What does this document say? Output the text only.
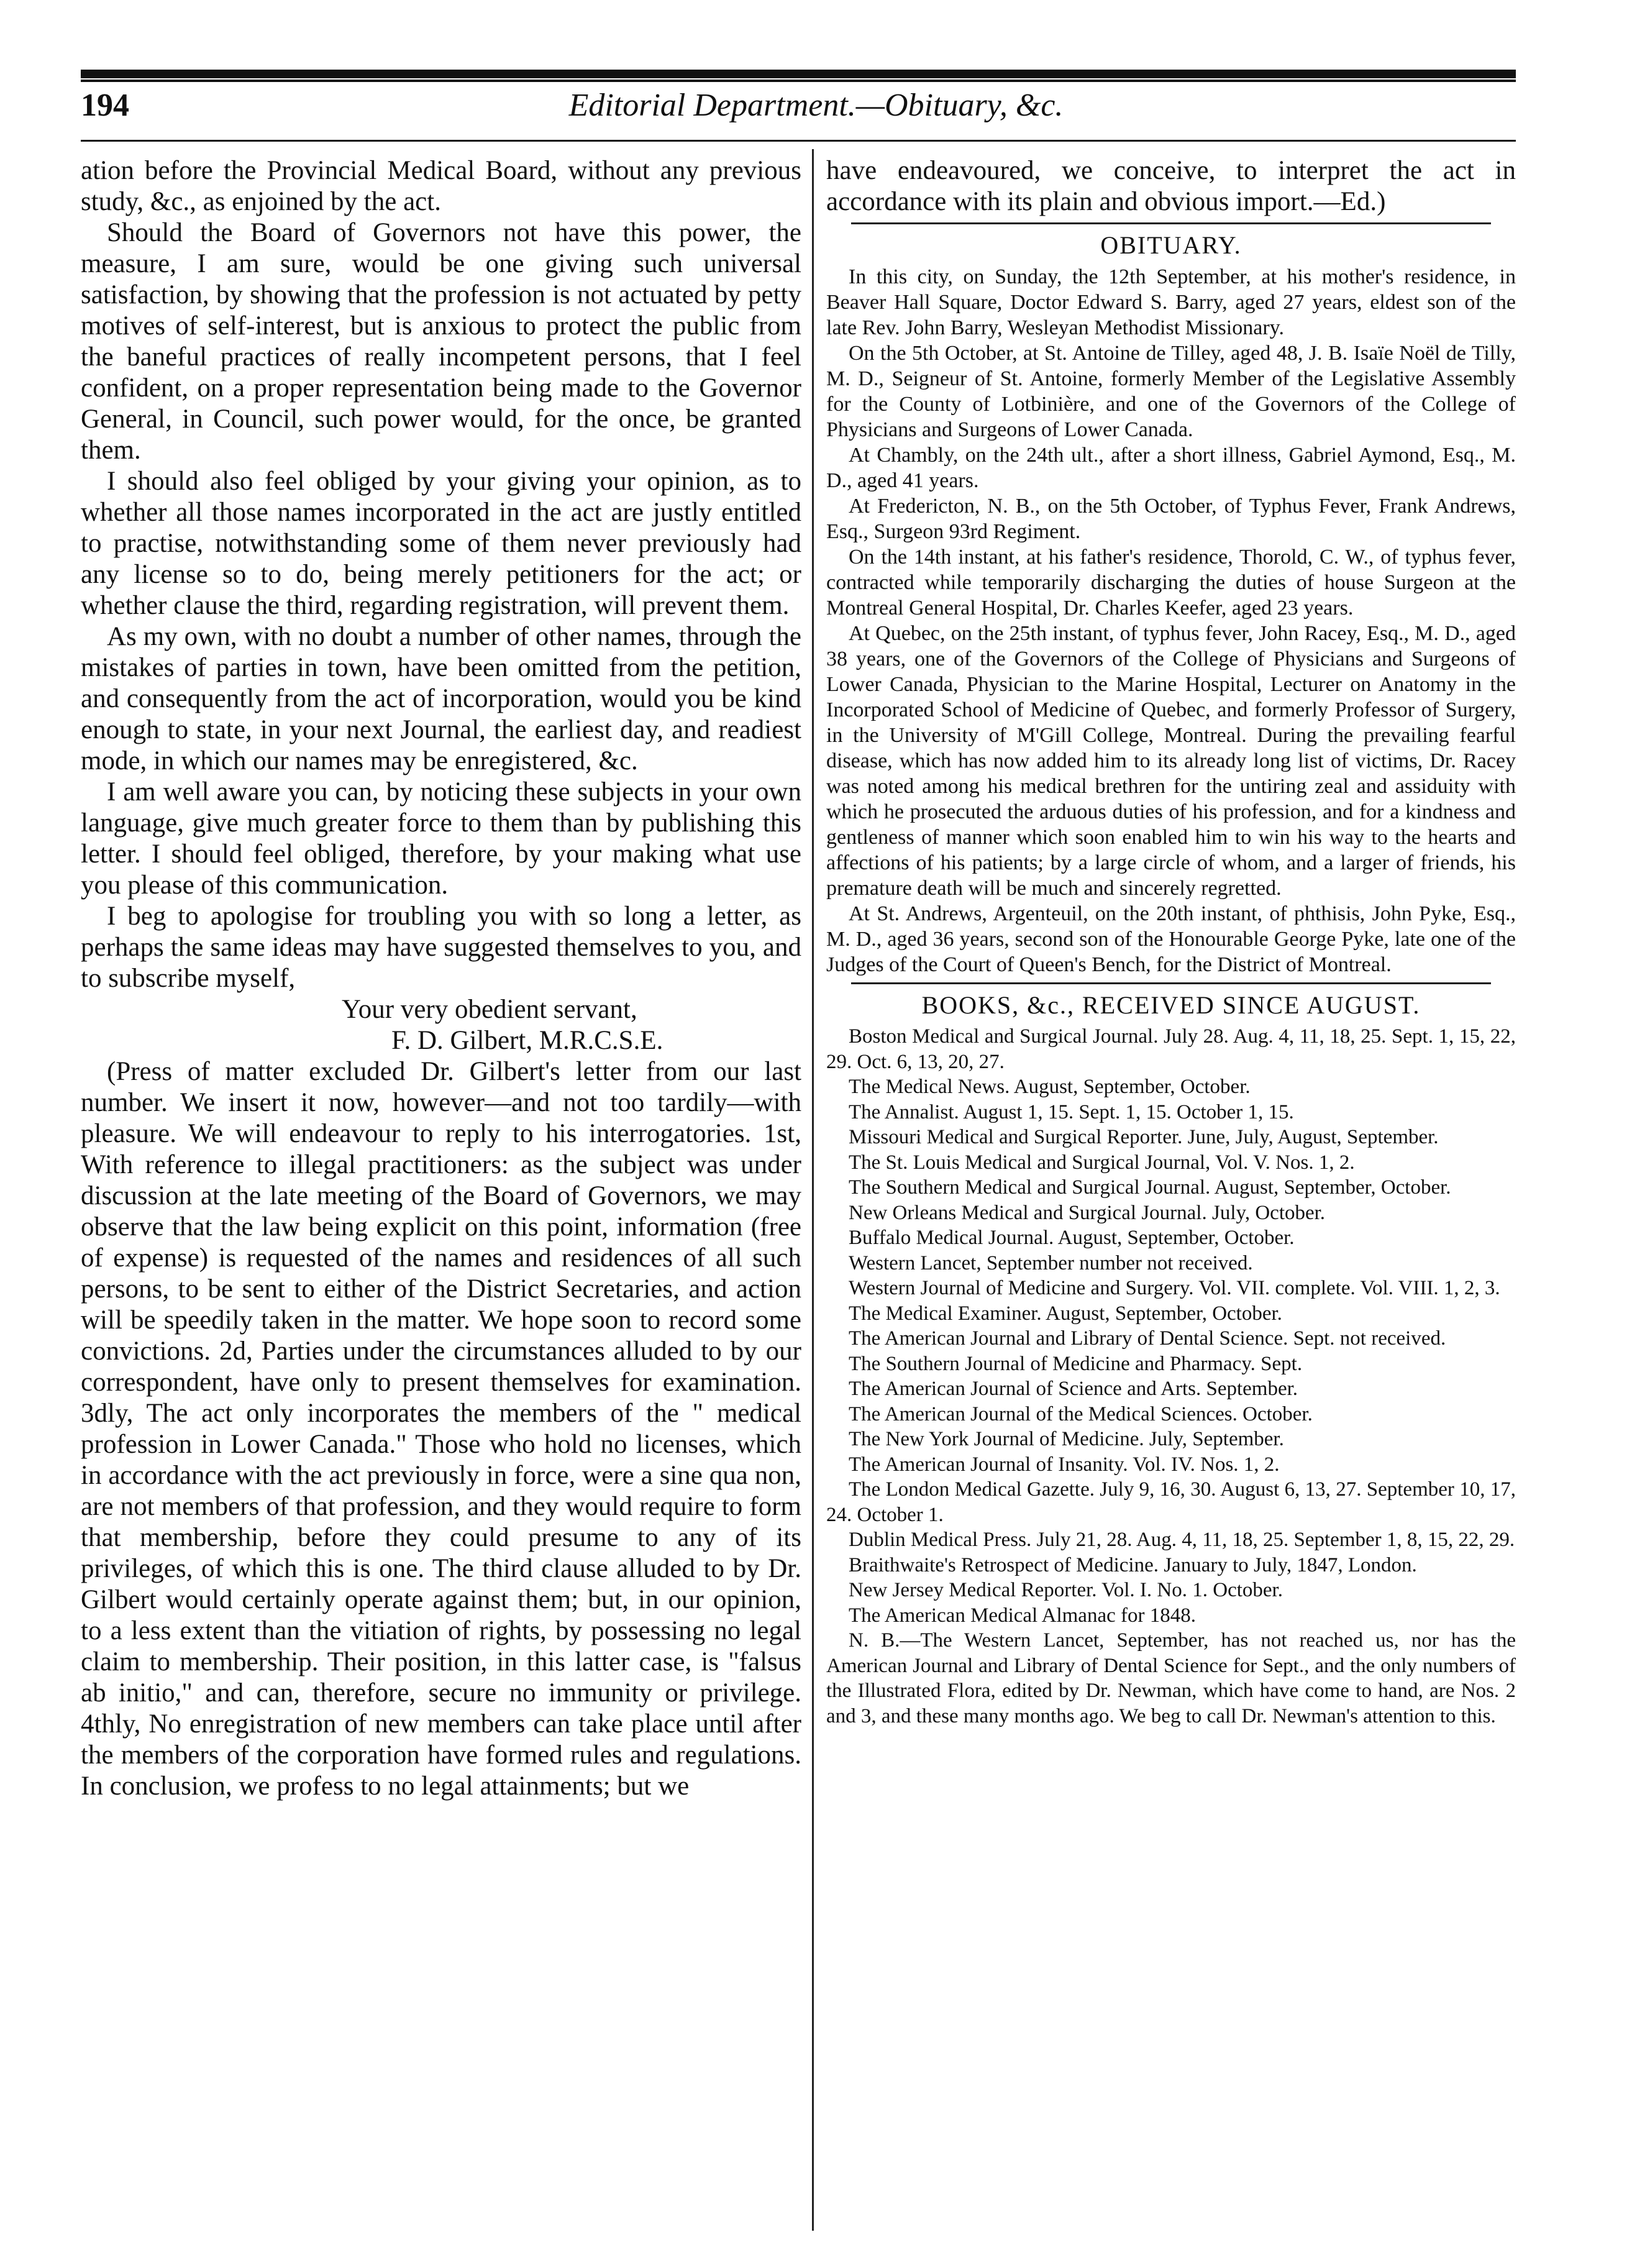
194	Editorial Department.—Obituary, &c.

ation before the Provincial Medical Board, without any previous study, &c., as enjoined by the act.

Should the Board of Governors not have this power, the measure, I am sure, would be one giving such universal satisfaction, by showing that the profession is not actuated by petty motives of self-interest, but is anxious to protect the public from the baneful practices of really incompetent persons, that I feel confident, on a proper representation being made to the Governor General, in Council, such power would, for the once, be granted them.

I should also feel obliged by your giving your opinion, as to whether all those names incorporated in the act are justly entitled to practise, notwithstanding some of them never previously had any license so to do, being merely petitioners for the act; or whether clause the third, regarding registration, will prevent them.

As my own, with no doubt a number of other names, through the mistakes of parties in town, have been omitted from the petition, and consequently from the act of incorporation, would you be kind enough to state, in your next Journal, the earliest day, and readiest mode, in which our names may be enregistered, &c.

I am well aware you can, by noticing these subjects in your own language, give much greater force to them than by publishing this letter. I should feel obliged, therefore, by your making what use you please of this communication.

I beg to apologise for troubling you with so long a letter, as perhaps the same ideas may have suggested themselves to you, and to subscribe myself,

Your very obedient servant,

F. D. Gilbert, M.R.C.S.E.

(Press of matter excluded Dr. Gilbert's letter from our last number. We insert it now, however—and not too tardily—with pleasure. We will endeavour to reply to his interrogatories. 1st, With reference to illegal practitioners: as the subject was under discussion at the late meeting of the Board of Governors, we may observe that the law being explicit on this point, information (free of expense) is requested of the names and residences of all such persons, to be sent to either of the District Secretaries, and action will be speedily taken in the matter. We hope soon to record some convictions. 2d, Parties under the circumstances alluded to by our correspondent, have only to present themselves for examination. 3dly, The act only incorporates the members of the " medical profession in Lower Canada." Those who hold no licenses, which in accordance with the act previously in force, were a sine qua non, are not members of that profession, and they would require to form that membership, before they could presume to any of its privileges, of which this is one. The third clause alluded to by Dr. Gilbert would certainly operate against them; but, in our opinion, to a less extent than the vitiation of rights, by possessing no legal claim to membership. Their position, in this latter case, is "falsus ab initio," and can, therefore, secure no immunity or privilege. 4thly, No enregistration of new members can take place until after the members of the corporation have formed rules and regulations. In conclusion, we profess to no legal attainments; but we

have endeavoured, we conceive, to interpret the act in accordance with its plain and obvious import.—Ed.)

OBITUARY.
In this city, on Sunday, the 12th September, at his mother's residence, in Beaver Hall Square, Doctor Edward S. Barry, aged 27 years, eldest son of the late Rev. John Barry, Wesleyan Methodist Missionary.
On the 5th October, at St. Antoine de Tilley, aged 48, J. B. Isaïe Noël de Tilly, M. D., Seigneur of St. Antoine, formerly Member of the Legislative Assembly for the County of Lotbinière, and one of the Governors of the College of Physicians and Surgeons of Lower Canada.
At Chambly, on the 24th ult., after a short illness, Gabriel Aymond, Esq., M. D., aged 41 years.
At Fredericton, N. B., on the 5th October, of Typhus Fever, Frank Andrews, Esq., Surgeon 93rd Regiment.
On the 14th instant, at his father's residence, Thorold, C. W., of typhus fever, contracted while temporarily discharging the duties of house Surgeon at the Montreal General Hospital, Dr. Charles Keefer, aged 23 years.
At Quebec, on the 25th instant, of typhus fever, John Racey, Esq., M. D., aged 38 years, one of the Governors of the College of Physicians and Surgeons of Lower Canada, Physician to the Marine Hospital, Lecturer on Anatomy in the Incorporated School of Medicine of Quebec, and formerly Professor of Surgery, in the University of M'Gill College, Montreal. During the prevailing fearful disease, which has now added him to its already long list of victims, Dr. Racey was noted among his medical brethren for the untiring zeal and assiduity with which he prosecuted the arduous duties of his profession, and for a kindness and gentleness of manner which soon enabled him to win his way to the hearts and affections of his patients; by a large circle of whom, and a larger of friends, his premature death will be much and sincerely regretted.
At St. Andrews, Argenteuil, on the 20th instant, of phthisis, John Pyke, Esq., M. D., aged 36 years, second son of the Honourable George Pyke, late one of the Judges of the Court of Queen's Bench, for the District of Montreal.
BOOKS, &c., RECEIVED SINCE AUGUST.
Boston Medical and Surgical Journal. July 28. Aug. 4, 11, 18, 25. Sept. 1, 15, 22, 29. Oct. 6, 13, 20, 27.
The Medical News. August, September, October.
The Annalist. August 1, 15. Sept. 1, 15. October 1, 15.
Missouri Medical and Surgical Reporter. June, July, August, September.
The St. Louis Medical and Surgical Journal, Vol. V. Nos. 1, 2.
The Southern Medical and Surgical Journal. August, September, October.
New Orleans Medical and Surgical Journal. July, October.
Buffalo Medical Journal. August, September, October.
Western Lancet, September number not received.
Western Journal of Medicine and Surgery. Vol. VII. complete. Vol. VIII. 1, 2, 3.
The Medical Examiner. August, September, October.
The American Journal and Library of Dental Science. Sept. not received.
The Southern Journal of Medicine and Pharmacy. Sept.
The American Journal of Science and Arts. September.
The American Journal of the Medical Sciences. October.
The New York Journal of Medicine. July, September.
The American Journal of Insanity. Vol. IV. Nos. 1, 2.
The London Medical Gazette. July 9, 16, 30. August 6, 13, 27. September 10, 17, 24. October 1.
Dublin Medical Press. July 21, 28. Aug. 4, 11, 18, 25. September 1, 8, 15, 22, 29.
Braithwaite's Retrospect of Medicine. January to July, 1847, London.
New Jersey Medical Reporter. Vol. I. No. 1. October.
The American Medical Almanac for 1848.

N. B.—The Western Lancet, September, has not reached us, nor has the American Journal and Library of Dental Science for Sept., and the only numbers of the Illustrated Flora, edited by Dr. Newman, which have come to hand, are Nos. 2 and 3, and these many months ago. We beg to call Dr. Newman's attention to this.
